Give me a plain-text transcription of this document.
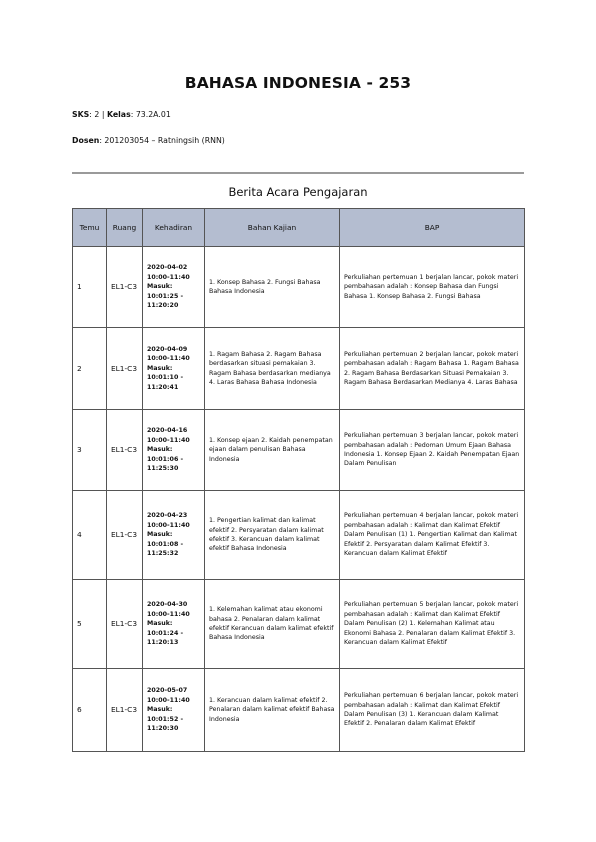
BAHASA INDONESIA - 253
SKS: 2 | Kelas: 73.2A.01
Dosen: 201203054 – Ratningsih (RNN)
Berita Acara Pengajaran
Temu	Ruang	Kehadiran	Bahan Kajian	BAP
1	EL1-C3	2020-04-02 10:00-11:40 Masuk: 10:01:25 - 11:20:20	1. Konsep Bahasa 2. Fungsi Bahasa Bahasa Indonesia	Perkuliahan pertemuan 1 berjalan lancar, pokok materi pembahasan adalah : Konsep Bahasa dan Fungsi Bahasa 1. Konsep Bahasa 2. Fungsi Bahasa
2	EL1-C3	2020-04-09 10:00-11:40 Masuk: 10:01:10 - 11:20:41	1. Ragam Bahasa 2. Ragam Bahasa berdasarkan situasi pemakaian 3. Ragam Bahasa berdasarkan medianya 4. Laras Bahasa Bahasa Indonesia	Perkuliahan pertemuan 2 berjalan lancar, pokok materi pembahasan adalah : Ragam Bahasa 1. Ragam Bahasa 2. Ragam Bahasa Berdasarkan Situasi Pemakaian 3. Ragam Bahasa Berdasarkan Medianya 4. Laras Bahasa
3	EL1-C3	2020-04-16 10:00-11:40 Masuk: 10:01:06 - 11:25:30	1. Konsep ejaan 2. Kaidah penempatan ejaan dalam penulisan Bahasa Indonesia	Perkuliahan pertemuan 3 berjalan lancar, pokok materi pembahasan adalah : Pedoman Umum Ejaan Bahasa Indonesia 1. Konsep Ejaan 2. Kaidah Penempatan Ejaan Dalam Penulisan
4	EL1-C3	2020-04-23 10:00-11:40 Masuk: 10:01:08 - 11:25:32	1. Pengertian kalimat dan kalimat efektif 2. Persyaratan dalam kalimat efektif 3. Kerancuan dalam kalimat efektif Bahasa Indonesia	Perkuliahan pertemuan 4 berjalan lancar, pokok materi pembahasan adalah : Kalimat dan Kalimat Efektif Dalam Penulisan (1) 1. Pengertian Kalimat dan Kalimat Efektif 2. Persyaratan dalam Kalimat Efektif 3. Kerancuan dalam Kalimat Efektif
5	EL1-C3	2020-04-30 10:00-11:40 Masuk: 10:01:24 - 11:20:13	1. Kelemahan kalimat atau ekonomi bahasa 2. Penalaran dalam kalimat efektif Kerancuan dalam kalimat efektif Bahasa Indonesia	Perkuliahan pertemuan 5 berjalan lancar, pokok materi pembahasan adalah : Kalimat dan Kalimat Efektif Dalam Penulisan (2) 1. Kelemahan Kalimat atau Ekonomi Bahasa 2. Penalaran dalam Kalimat Efektif 3. Kerancuan dalam Kalimat Efektif
6	EL1-C3	2020-05-07 10:00-11:40 Masuk: 10:01:52 - 11:20:30	1. Kerancuan dalam kalimat efektif 2. Penalaran dalam kalimat efektif Bahasa Indonesia	Perkuliahan pertemuan 6 berjalan lancar, pokok materi pembahasan adalah : Kalimat dan Kalimat Efektif Dalam Penulisan (3) 1. Kerancuan dalam Kalimat Efektif 2. Penalaran dalam Kalimat Efektif
